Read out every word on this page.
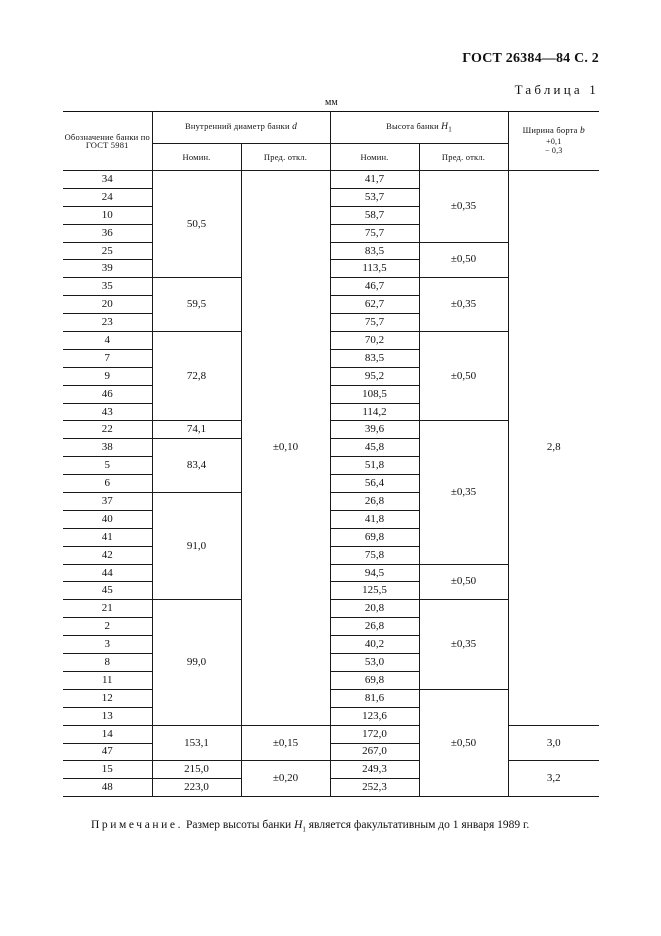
ГОСТ 26384—84 С. 2
Таблица 1
мм
Обозначение банки по ГОСТ 5981	Внутренний диаметр банки d		Высота банки $H_1$		Ширина борта b
+0,1
− 0,3

	Номин.	Пред. откл.	Номин.	Пред. откл.	
34	50,5	±0,10	41,7	±0,35	2,8
24			53,7		
10			58,7		
36			75,7		
25			83,5	±0,50	
39			113,5		
35	59,5		46,7	±0,35	
20			62,7		
23			75,7		
4	72,8		70,2	±0,50	
7			83,5		
9			95,2		
46			108,5		
43			114,2		
22	74,1		39,6	±0,35	
38	83,4		45,8		
5			51,8		
6			56,4		
37	91,0		26,8		
40			41,8		
41			69,8		
42			75,8		
44			94,5	±0,50	
45			125,5		
21	99,0		20,8	±0,35	
2			26,8		
3			40,2		
8			53,0		
11			69,8		
12			81,6	±0,50	
13			123,6		
14	153,1	±0,15	172,0		3,0
47			267,0		
15	215,0	±0,20	249,3		3,2
48	223,0		252,3		
Примечание. Размер высоты банки $H_1$ является факультативным до 1 января 1989 г.
